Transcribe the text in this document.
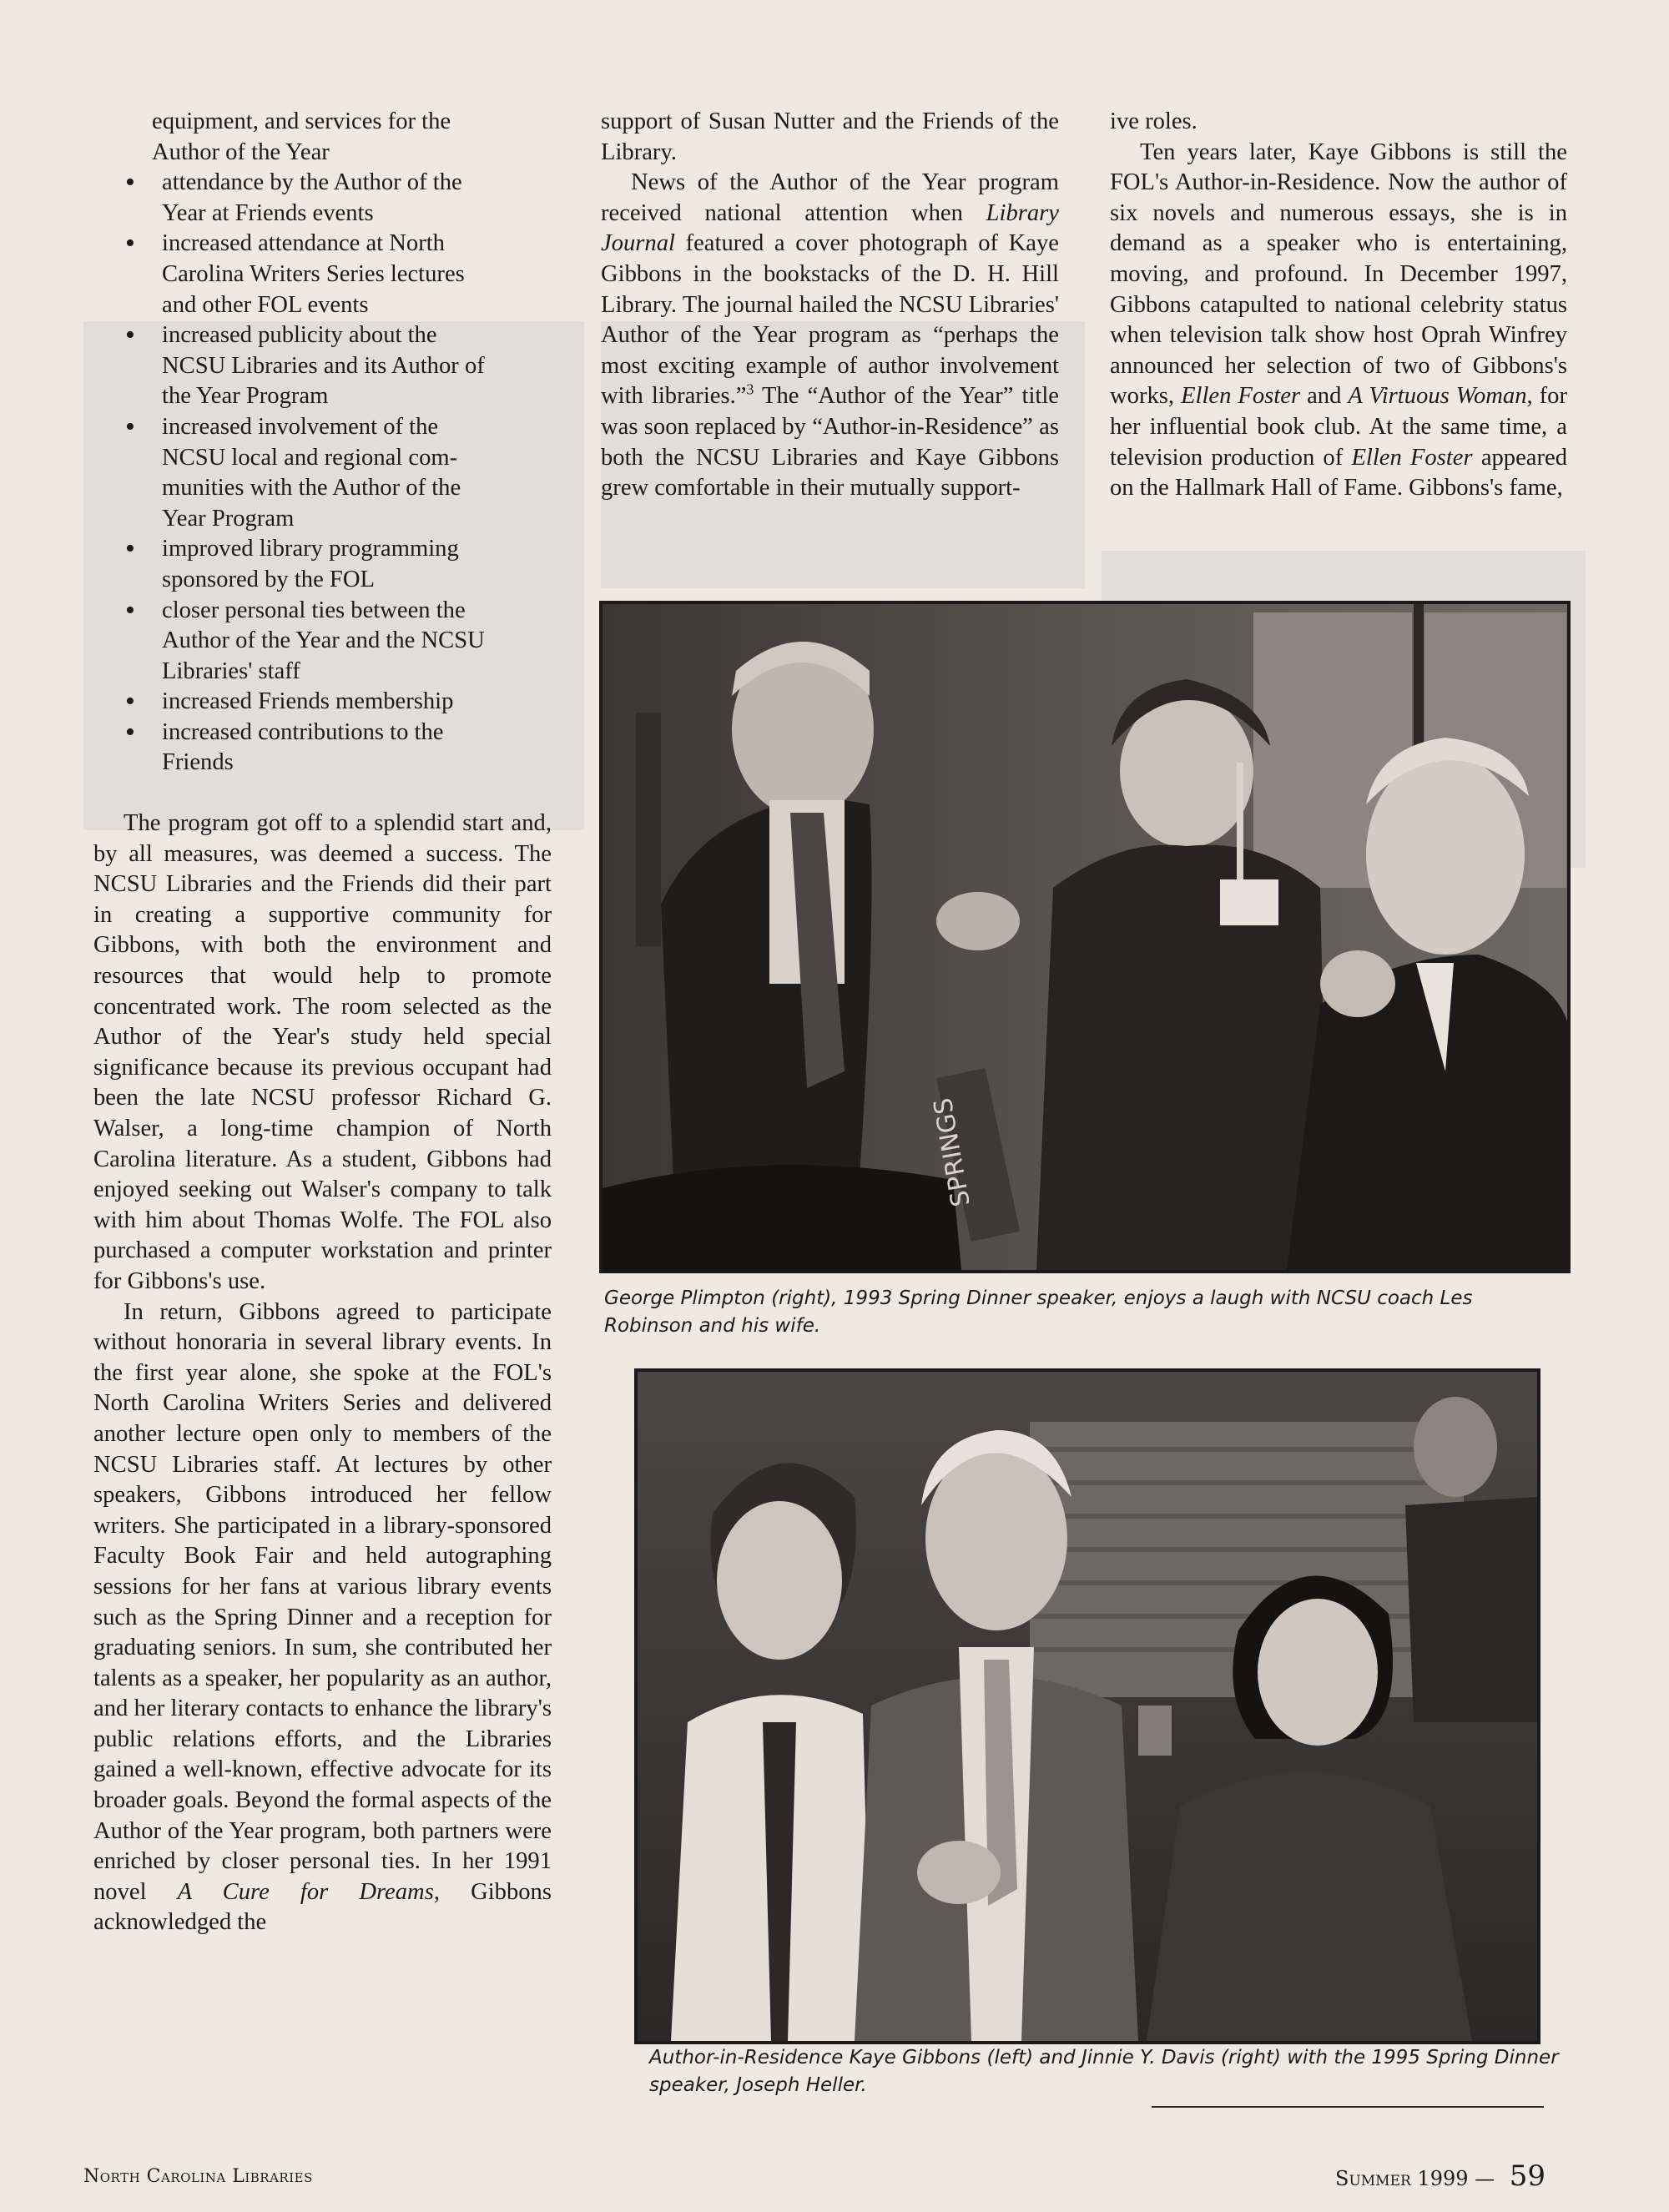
equipment, and services for the
Author of the Year
• attendance by the Author of the
Year at Friends events
• increased attendance at North
Carolina Writers Series lectures
and other FOL events
• increased publicity about the
NCSU Libraries and its Author of
the Year Program
• increased involvement of the
NCSU local and regional com-
munities with the Author of the
Year Program
• improved library programming
sponsored by the FOL
• closer personal ties between the
Author of the Year and the NCSU
Libraries' staff
• increased Friends membership
• increased contributions to the
Friends

The program got off to a splendid start and, by all measures, was deemed a success. The NCSU Libraries and the Friends did their part in creating a supportive community for Gibbons, with both the environment and resources that would help to promote concentrated work. The room selected as the Author of the Year's study held special significance because its previous occupant had been the late NCSU professor Richard G. Walser, a long-time champion of North Carolina literature. As a student, Gibbons had enjoyed seeking out Walser's company to talk with him about Thomas Wolfe. The FOL also purchased a computer workstation and printer for Gibbons's use.

In return, Gibbons agreed to participate without honoraria in several library events. In the first year alone, she spoke at the FOL's North Carolina Writers Series and delivered another lecture open only to members of the NCSU Libraries staff. At lectures by other speakers, Gibbons introduced her fellow writers. She participated in a library-sponsored Faculty Book Fair and held autographing sessions for her fans at various library events such as the Spring Dinner and a reception for graduating seniors. In sum, she contributed her talents as a speaker, her popularity as an author, and her literary contacts to enhance the library's public relations efforts, and the Libraries gained a well-known, effective advocate for its broader goals. Beyond the formal aspects of the Author of the Year program, both partners were enriched by closer personal ties. In her 1991 novel A Cure for Dreams, Gibbons acknowledged the

support of Susan Nutter and the Friends of the Library.

News of the Author of the Year program received national attention when Library Journal featured a cover photograph of Kaye Gibbons in the bookstacks of the D. H. Hill Library. The journal hailed the NCSU Libraries' Author of the Year program as “perhaps the most exciting example of author involvement with libraries.”$^3$ The “Author of the Year” title was soon replaced by “Author-in-Residence” as both the NCSU Libraries and Kaye Gibbons grew comfortable in their mutually support-

ive roles.

Ten years later, Kaye Gibbons is still the FOL's Author-in-Residence. Now the author of six novels and numerous essays, she is in demand as a speaker who is entertaining, moving, and profound. In December 1997, Gibbons catapulted to national celebrity status when television talk show host Oprah Winfrey announced her selection of two of Gibbons's works, Ellen Foster and A Virtuous Woman, for her influential book club. At the same time, a television production of Ellen Foster appeared on the Hallmark Hall of Fame. Gibbons's fame,

SPRINGS
George Plimpton (right), 1993 Spring Dinner speaker, enjoys a laugh with NCSU coach Les Robinson and his wife.
Author-in-Residence Kaye Gibbons (left) and Jinnie Y. Davis (right) with the 1995 Spring Dinner speaker, Joseph Heller.
North Carolina Libraries	Summer 1999 — 59
